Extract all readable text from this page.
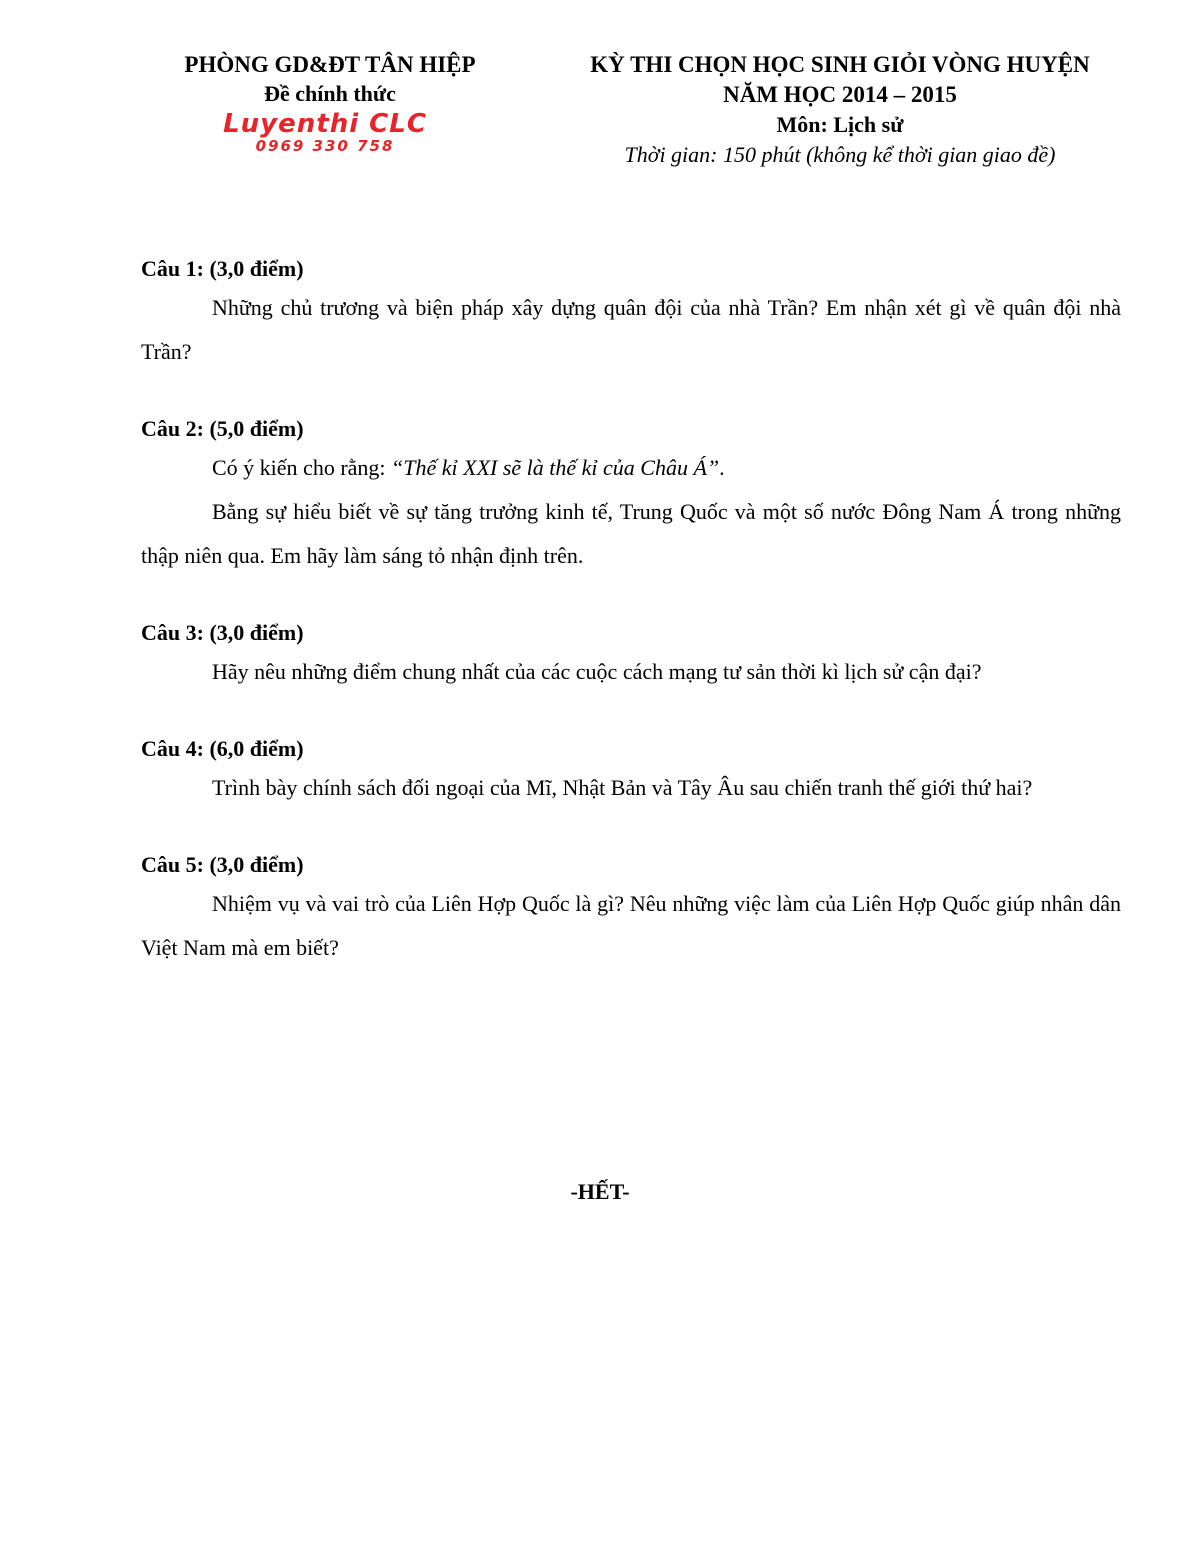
PHÒNG GD&ĐT TÂN HIỆP
Đề chính thức
Luyenthi CLC
0969 330 758
KỲ THI CHỌN HỌC SINH GIỎI VÒNG HUYỆN
NĂM HỌC 2014 – 2015
Môn: Lịch sử
Thời gian: 150 phút (không kể thời gian giao đề)
Câu 1: (3,0 điểm)

Những chủ trương và biện pháp xây dựng quân đội của nhà Trần? Em nhận xét gì về quân đội nhà Trần?

Câu 2: (5,0 điểm)

Có ý kiến cho rằng: “Thế kỉ XXI sẽ là thế kỉ của Châu Á”.

Bằng sự hiểu biết về sự tăng trưởng kinh tế, Trung Quốc và một số nước Đông Nam Á trong những thập niên qua. Em hãy làm sáng tỏ nhận định trên.

Câu 3: (3,0 điểm)

Hãy nêu những điểm chung nhất của các cuộc cách mạng tư sản thời kì lịch sử cận đại?

Câu 4: (6,0 điểm)

Trình bày chính sách đối ngoại của Mĩ, Nhật Bản và Tây Âu sau chiến tranh thế giới thứ hai?

Câu 5: (3,0 điểm)

Nhiệm vụ và vai trò của Liên Hợp Quốc là gì? Nêu những việc làm của Liên Hợp Quốc giúp nhân dân Việt Nam mà em biết?

-HẾT-
